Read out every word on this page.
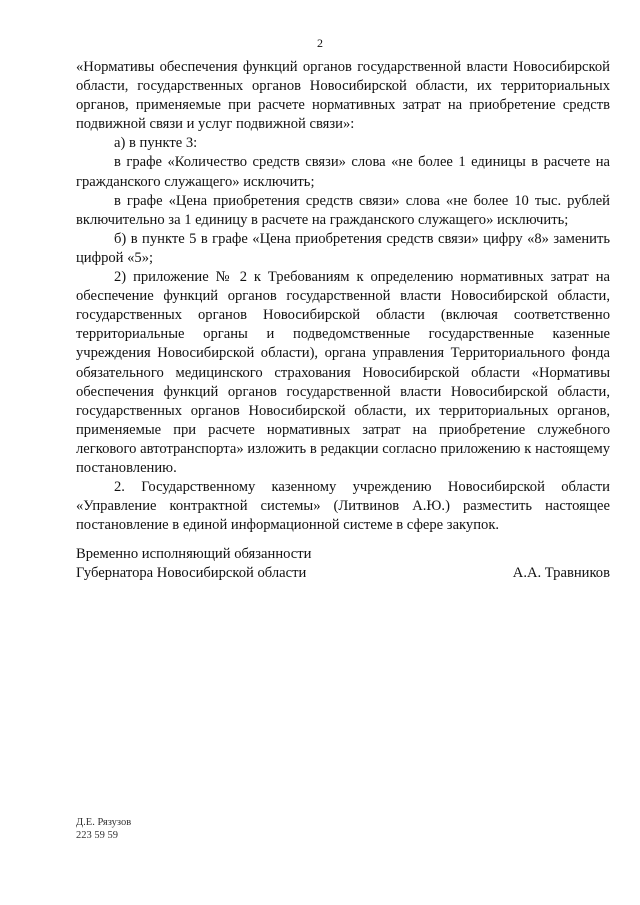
2

«Нормативы обеспечения функций органов государственной власти Новосибирской области, государственных органов Новосибирской области, их территориальных органов, применяемые при расчете нормативных затрат на приобретение средств подвижной связи и услуг подвижной связи»:

а) в пункте 3:

в графе «Количество средств связи» слова «не более 1 единицы в расчете на гражданского служащего» исключить;

в графе «Цена приобретения средств связи» слова «не более 10 тыс. рублей включительно за 1 единицу в расчете на гражданского служащего» исключить;

б) в пункте 5 в графе «Цена приобретения средств связи» цифру «8» заменить цифрой «5»;

2) приложение № 2 к Требованиям к определению нормативных затрат на обеспечение функций органов государственной власти Новосибирской области, государственных органов Новосибирской области (включая соответственно территориальные органы и подведомственные государственные казенные учреждения Новосибирской области), органа управления Территориального фонда обязательного медицинского страхования Новосибирской области «Нормативы обеспечения функций органов государственной власти Новосибирской области, государственных органов Новосибирской области, их территориальных органов, применяемые при расчете нормативных затрат на приобретение служебного легкового автотранспорта» изложить в редакции согласно приложению к настоящему постановлению.

2. Государственному казенному учреждению Новосибирской области «Управление контрактной системы» (Литвинов А.Ю.) разместить настоящее постановление в единой информационной системе в сфере закупок.

Временно исполняющий обязанности
Губернатора Новосибирской области	А.А. Травников
Д.Е. Рязузов
223 59 59
